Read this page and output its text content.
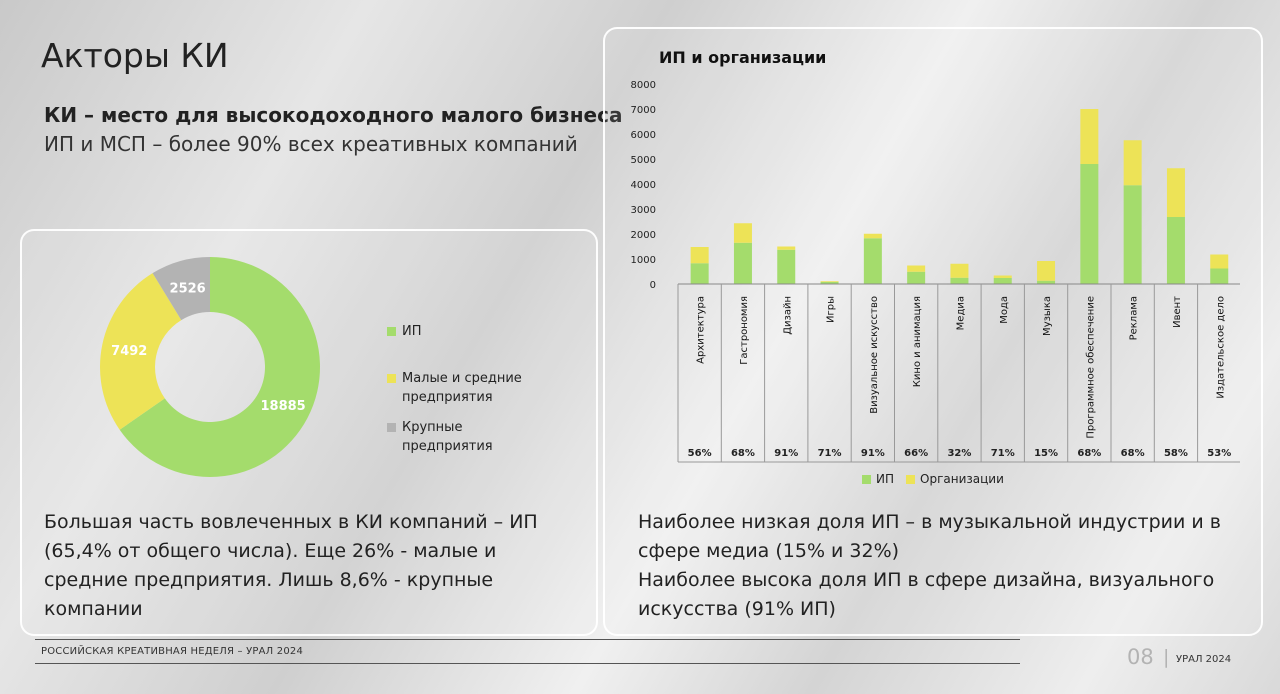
Акторы КИ
КИ – место для высокодоходного малого бизнеса
ИП и МСП – более 90% всех креативных компаний
18885
7492
2526
ИП
Малые и средние
предприятия
Крупные
предприятия
ИП и организации
0
1000
2000
3000
4000
5000
6000
7000
8000
Архитектура
56%
Гастрономия
68%
Дизайн
91%
Игры
71%
Визуальное искусство
91%
Кино и анимация
66%
Медиа
32%
Мода
71%
Музыка
15%
Программное обеспечение
68%
Реклама
68%
Ивент
58%
Издательское дело
53%
ИП Организации
Большая часть вовлеченных в КИ компаний – ИП (65,4% от общего числа). Еще 26% - малые и средние предприятия. Лишь 8,6% - крупные компании
Наиболее низкая доля ИП – в музыкальной индустрии и в сфере медиа (15% и 32%)
Наиболее высока доля ИП в сфере дизайна, визуального искусства (91% ИП)
РОССИЙСКАЯ КРЕАТИВНАЯ НЕДЕЛЯ – УРАЛ 2024	08 | УРАЛ 2024
